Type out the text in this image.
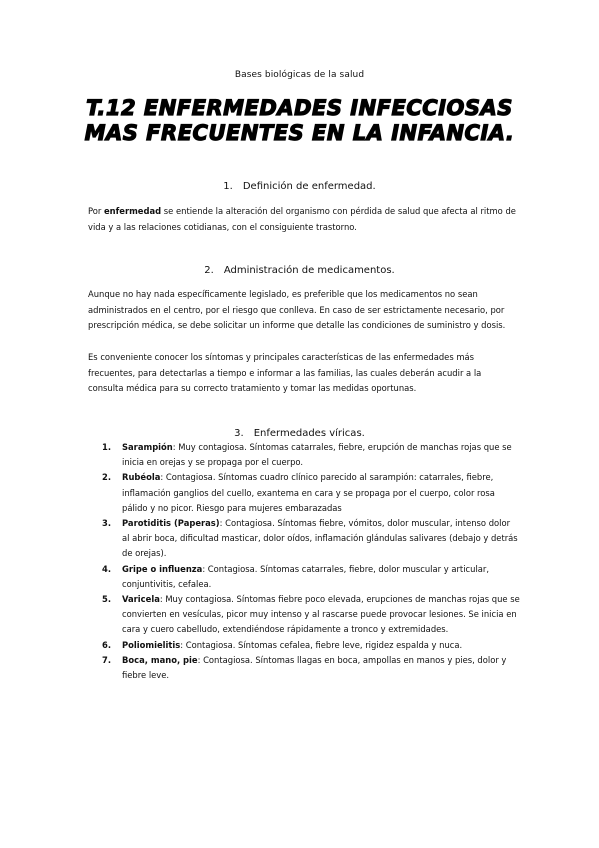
Bases biológicas de la salud
T.12 ENFERMEDADES INFECCIOSAS
MAS FRECUENTES EN LA INFANCIA.
1. Definición de enfermedad.

Por enfermedad se entiende la alteración del organismo con pérdida de salud que afecta al ritmo de vida y a las relaciones cotidianas, con el consiguiente trastorno.

2. Administración de medicamentos.

Aunque no hay nada específicamente legislado, es preferible que los medicamentos no sean administrados en el centro, por el riesgo que conlleva. En caso de ser estrictamente necesario, por prescripción médica, se debe solicitar un informe que detalle las condiciones de suministro y dosis.

Es conveniente conocer los síntomas y principales características de las enfermedades más frecuentes, para detectarlas a tiempo e informar a las familias, las cuales deberán acudir a la consulta médica para su correcto tratamiento y tomar las medidas oportunas.

3. Enfermedades víricas.
1. Sarampión: Muy contagiosa. Síntomas catarrales, fiebre, erupción de manchas rojas que se inicia en orejas y se propaga por el cuerpo.
2. Rubéola: Contagiosa. Síntomas cuadro clínico parecido al sarampión: catarrales, fiebre, inflamación ganglios del cuello, exantema en cara y se propaga por el cuerpo, color rosa pálido y no picor. Riesgo para mujeres embarazadas
3. Parotiditis (Paperas): Contagiosa. Síntomas fiebre, vómitos, dolor muscular, intenso dolor al abrir boca, dificultad masticar, dolor oídos, inflamación glándulas salivares (debajo y detrás de orejas).
4. Gripe o influenza: Contagiosa. Síntomas catarrales, fiebre, dolor muscular y articular, conjuntivitis, cefalea.
5. Varicela: Muy contagiosa. Síntomas fiebre poco elevada, erupciones de manchas rojas que se convierten en vesículas, picor muy intenso y al rascarse puede provocar lesiones. Se inicia en cara y cuero cabelludo, extendiéndose rápidamente a tronco y extremidades.
6. Poliomielitis: Contagiosa. Síntomas cefalea, fiebre leve, rigidez espalda y nuca.
7. Boca, mano, pie: Contagiosa. Síntomas llagas en boca, ampollas en manos y pies, dolor y fiebre leve.
